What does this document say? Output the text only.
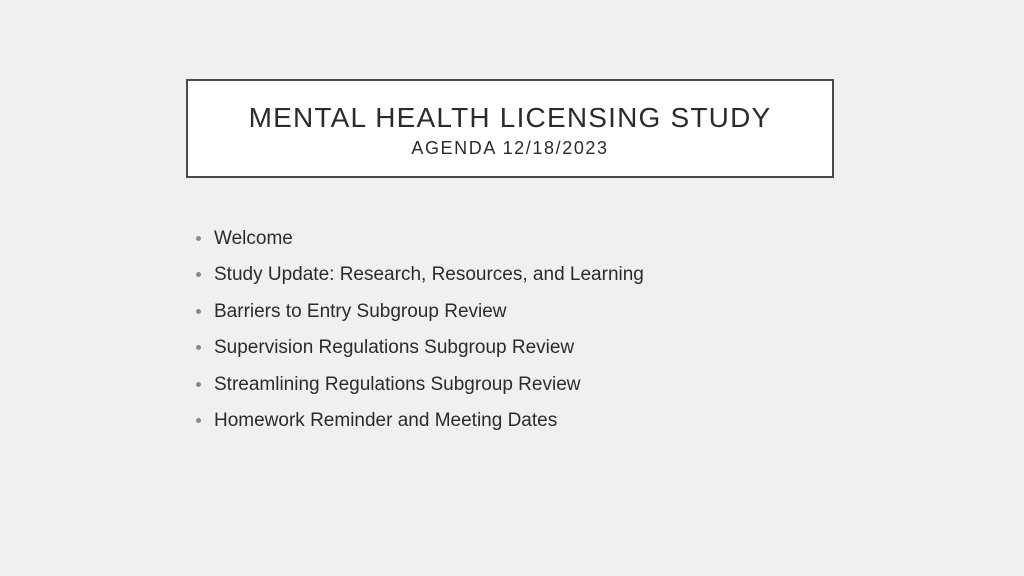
MENTAL HEALTH LICENSING STUDY
AGENDA 12/18/2023
Welcome
Study Update: Research, Resources, and Learning
Barriers to Entry Subgroup Review
Supervision Regulations Subgroup Review
Streamlining Regulations Subgroup Review
Homework Reminder and Meeting Dates
